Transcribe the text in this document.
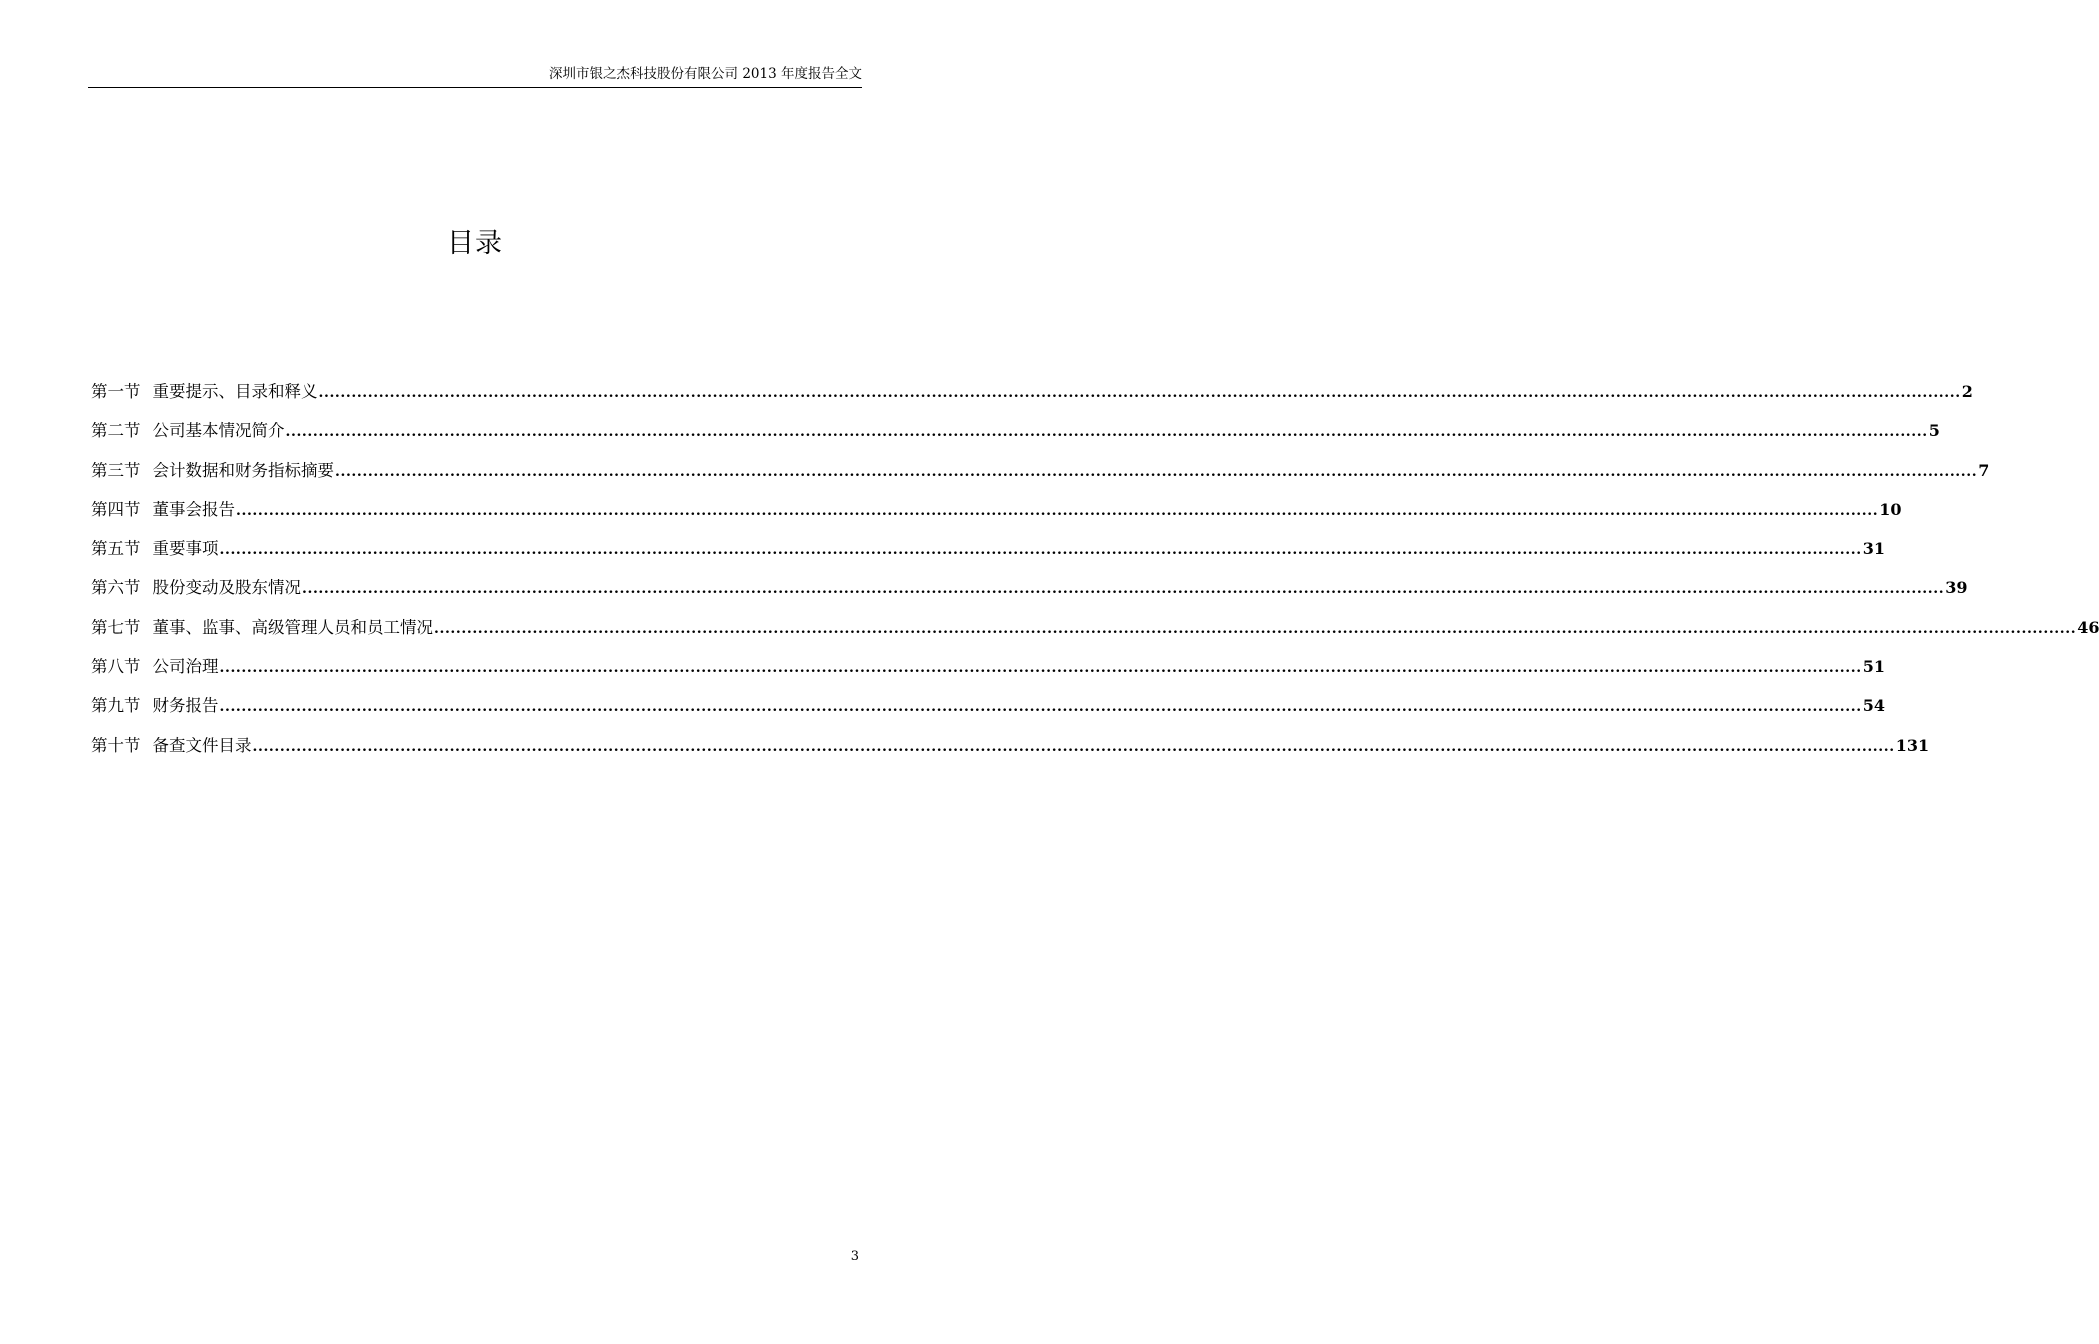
深圳市银之杰科技股份有限公司 2013 年度报告全文
目录
第一节 重要提示、目录和释义 ............................................................................................................................................................................................................................................................................................................ 2
第二节 公司基本情况简介 ............................................................................................................................................................................................................................................................................................................ 5
第三节 会计数据和财务指标摘要 ............................................................................................................................................................................................................................................................................................................ 7
第四节 董事会报告 ............................................................................................................................................................................................................................................................................................................ 10
第五节 重要事项 ............................................................................................................................................................................................................................................................................................................ 31
第六节 股份变动及股东情况 ............................................................................................................................................................................................................................................................................................................ 39
第七节 董事、监事、高级管理人员和员工情况 ............................................................................................................................................................................................................................................................................................................ 46
第八节 公司治理 ............................................................................................................................................................................................................................................................................................................ 51
第九节 财务报告 ............................................................................................................................................................................................................................................................................................................ 54
第十节 备查文件目录 ............................................................................................................................................................................................................................................................................................................ 131
3
